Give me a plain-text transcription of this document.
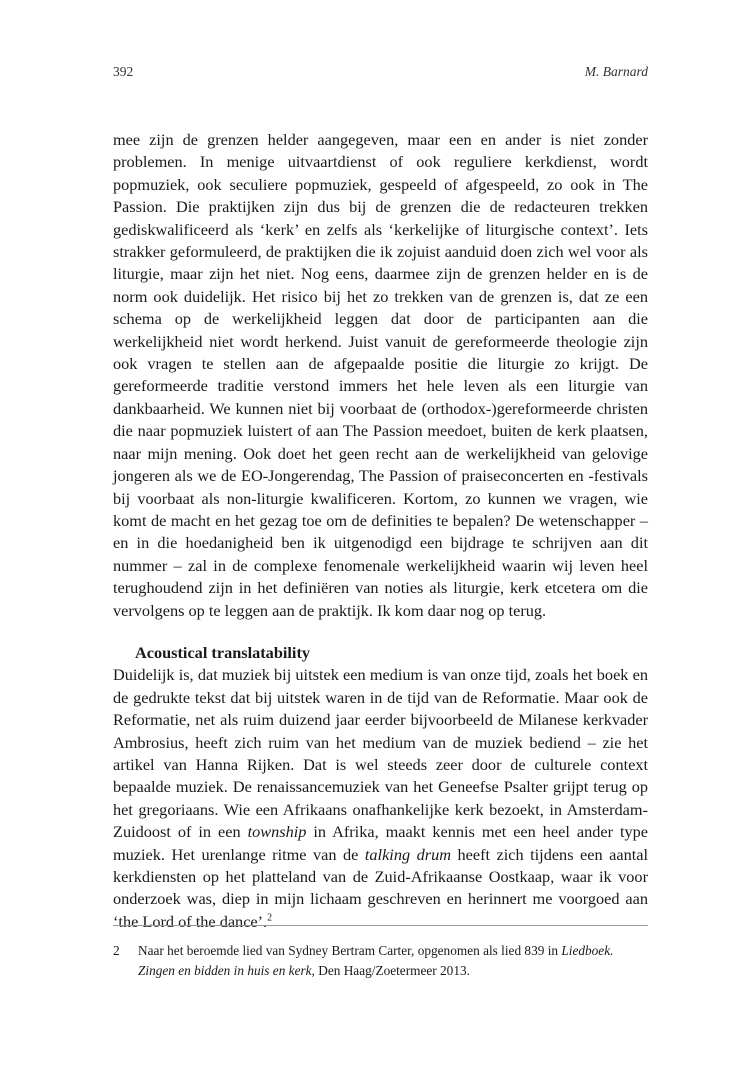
392	M. Barnard

mee zijn de grenzen helder aangegeven, maar een en ander is niet zonder problemen. In menige uitvaartdienst of ook reguliere kerkdienst, wordt popmuziek, ook seculiere popmuziek, gespeeld of afgespeeld, zo ook in The Passion. Die praktijken zijn dus bij de grenzen die de redacteuren trekken gediskwalificeerd als ‘kerk’ en zelfs als ‘kerkelijke of liturgische context’. Iets strakker geformuleerd, de praktijken die ik zojuist aanduid doen zich wel voor als liturgie, maar zijn het niet. Nog eens, daarmee zijn de grenzen helder en is de norm ook duidelijk. Het risico bij het zo trekken van de grenzen is, dat ze een schema op de werkelijkheid leggen dat door de participanten aan die werkelijkheid niet wordt herkend. Juist vanuit de gereformeerde theologie zijn ook vragen te stellen aan de afgepaalde positie die liturgie zo krijgt. De gereformeerde traditie verstond immers het hele leven als een liturgie van dankbaarheid. We kunnen niet bij voorbaat de (orthodox-)gereformeerde christen die naar popmuziek luistert of aan The Passion meedoet, buiten de kerk plaatsen, naar mijn mening. Ook doet het geen recht aan de werkelijkheid van gelovige jongeren als we de EO-Jongerendag, The Passion of praiseconcerten en -festivals bij voorbaat als non-liturgie kwalificeren. Kortom, zo kunnen we vragen, wie komt de macht en het gezag toe om de definities te bepalen? De wetenschapper – en in die hoedanigheid ben ik uitgenodigd een bijdrage te schrijven aan dit nummer – zal in de complexe fenomenale werkelijkheid waarin wij leven heel terughoudend zijn in het definiëren van noties als liturgie, kerk etcetera om die vervolgens op te leggen aan de praktijk. Ik kom daar nog op terug.

Acoustical translatability

Duidelijk is, dat muziek bij uitstek een medium is van onze tijd, zoals het boek en de gedrukte tekst dat bij uitstek waren in de tijd van de Reformatie. Maar ook de Reformatie, net als ruim duizend jaar eerder bijvoorbeeld de Milanese kerkvader Ambrosius, heeft zich ruim van het medium van de muziek bediend – zie het artikel van Hanna Rijken. Dat is wel steeds zeer door de culturele context bepaalde muziek. De renaissancemuziek van het Geneefse Psalter grijpt terug op het gregoriaans. Wie een Afrikaans onafhankelijke kerk bezoekt, in Amsterdam-Zuidoost of in een township in Afrika, maakt kennis met een heel ander type muziek. Het urenlange ritme van de talking drum heeft zich tijdens een aantal kerkdiensten op het platteland van de Zuid-Afrikaanse Oostkaap, waar ik voor onderzoek was, diep in mijn lichaam geschreven en herinnert me voorgoed aan ‘the Lord of the dance’.$^2$

2 Naar het beroemde lied van Sydney Bertram Carter, opgenomen als lied 839 in Liedboek. Zingen en bidden in huis en kerk, Den Haag/Zoetermeer 2013.
